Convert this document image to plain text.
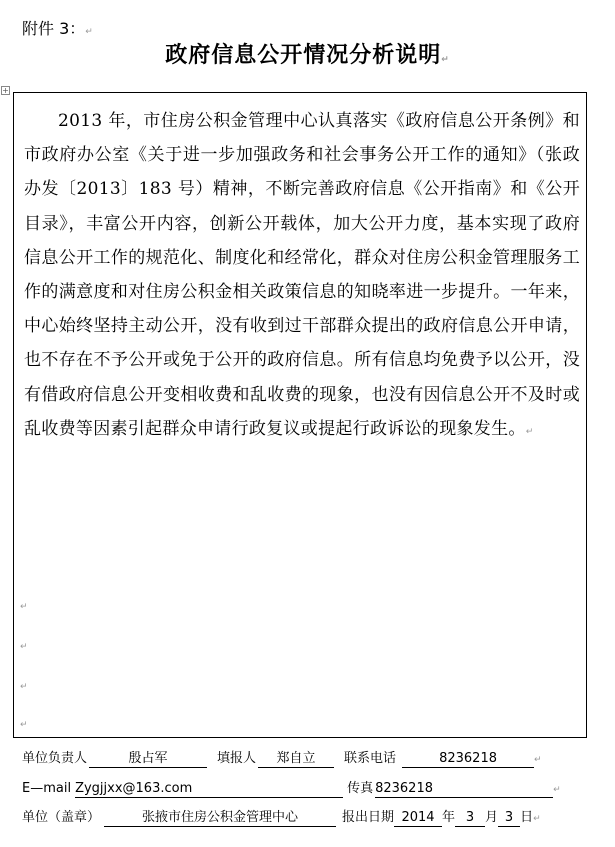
附件 3：↵
政府信息公开情况分析说明↵
+
2013 年，市住房公积金管理中心认真落实《政府信息公开条例》和市政府办公室《关于进一步加强政务和社会事务公开工作的通知》（张政办发〔2013〕183 号）精神，不断完善政府信息《公开指南》和《公开目录》，丰富公开内容，创新公开载体，加大公开力度，基本实现了政府信息公开工作的规范化、制度化和经常化，群众对住房公积金管理服务工作的满意度和对住房公积金相关政策信息的知晓率进一步提升。一年来，中心始终坚持主动公开，没有收到过干部群众提出的政府信息公开申请，也不存在不予公开或免于公开的政府信息。所有信息均免费予以公开，没有借政府信息公开变相收费和乱收费的现象，也没有因信息公开不及时或乱收费等因素引起群众申请行政复议或提起行政诉讼的现象发生。↵
↵
↵
↵
↵
单位负责人	殷占军	填报人 郑自立 联系电话	8236218	↵
E—mail Zygjjxx@163.com	传真 8236218	↵
单位（盖章）	张掖市住房公积金管理中心	报出日期 2014 年 3 月 3 日↵
